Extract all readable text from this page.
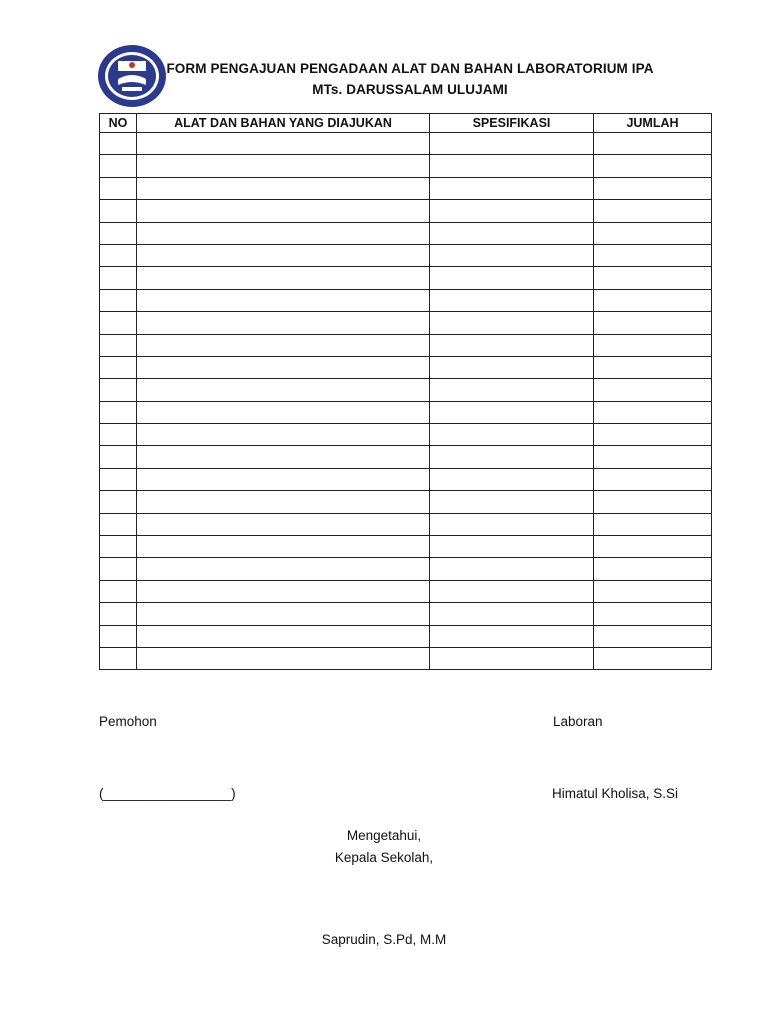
FORM PENGAJUAN PENGADAAN ALAT DAN BAHAN LABORATORIUM IPA
MTs. DARUSSALAM ULUJAMI
NO	ALAT DAN BAHAN YANG DIAJUKAN	SPESIFIKASI	JUMLAH

Pemohon	Laboran
(_________________)	Himatul Kholisa, S.Si
Mengetahui,
Kepala Sekolah,
Saprudin, S.Pd, M.M
